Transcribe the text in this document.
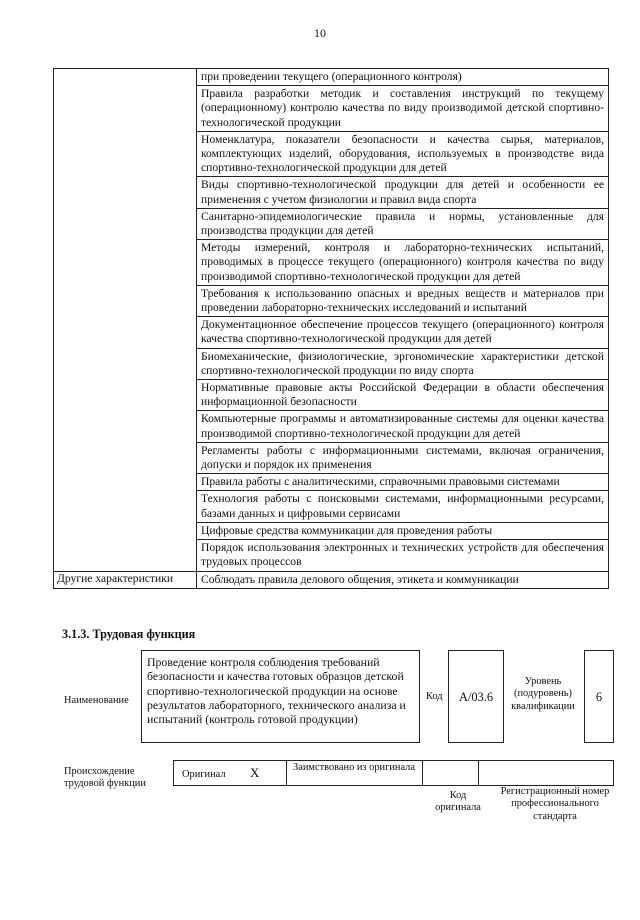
10
	при проведении текущего (операционного контроля)
	Правила разработки методик и составления инструкций по текущему (операционному) контролю качества по виду производимой детской спортивно-технологической продукции
	Номенклатура, показатели безопасности и качества сырья, материалов, комплектующих изделий, оборудования, используемых в производстве вида спортивно-технологической продукции для детей
	Виды спортивно-технологической продукции для детей и особенности ее применения с учетом физиологии и правил вида спорта
	Санитарно-эпидемиологические правила и нормы, установленные для производства продукции для детей
	Методы измерений, контроля и лабораторно-технических испытаний, проводимых в процессе текущего (операционного) контроля качества по виду производимой спортивно-технологической продукции для детей
	Требования к использованию опасных и вредных веществ и материалов при проведении лабораторно-технических исследований и испытаний
	Документационное обеспечение процессов текущего (операционного) контроля качества спортивно-технологической продукции для детей
	Биомеханические, физиологические, эргономические характеристики детской спортивно-технологической продукции по виду спорта
	Нормативные правовые акты Российской Федерации в области обеспечения информационной безопасности
	Компьютерные программы и автоматизированные системы для оценки качества производимой спортивно-технологической продукции для детей
	Регламенты работы с информационными системами, включая ограничения, допуски и порядок их применения
	Правила работы с аналитическими, справочными правовыми системами
	Технология работы с поисковыми системами, информационными ресурсами, базами данных и цифровыми сервисами
	Цифровые средства коммуникации для проведения работы
	Порядок использования электронных и технических устройств для обеспечения трудовых процессов
Другие характеристики	Соблюдать правила делового общения, этикета и коммуникации
3.1.3. Трудовая функция
Наименование
Проведение контроля соблюдения требований безопасности и качества готовых образцов детской спортивно-технологической продукции на основе результатов лабораторного, технического анализа и испытаний (контроль готовой продукции)
Код	A/03.6
Уровень (подуровень) квалификации
6
Происхождение трудовой функции
Оригинал X	Заимствовано из оригинала
Код оригинала
Регистрационный номер профессионального стандарта
